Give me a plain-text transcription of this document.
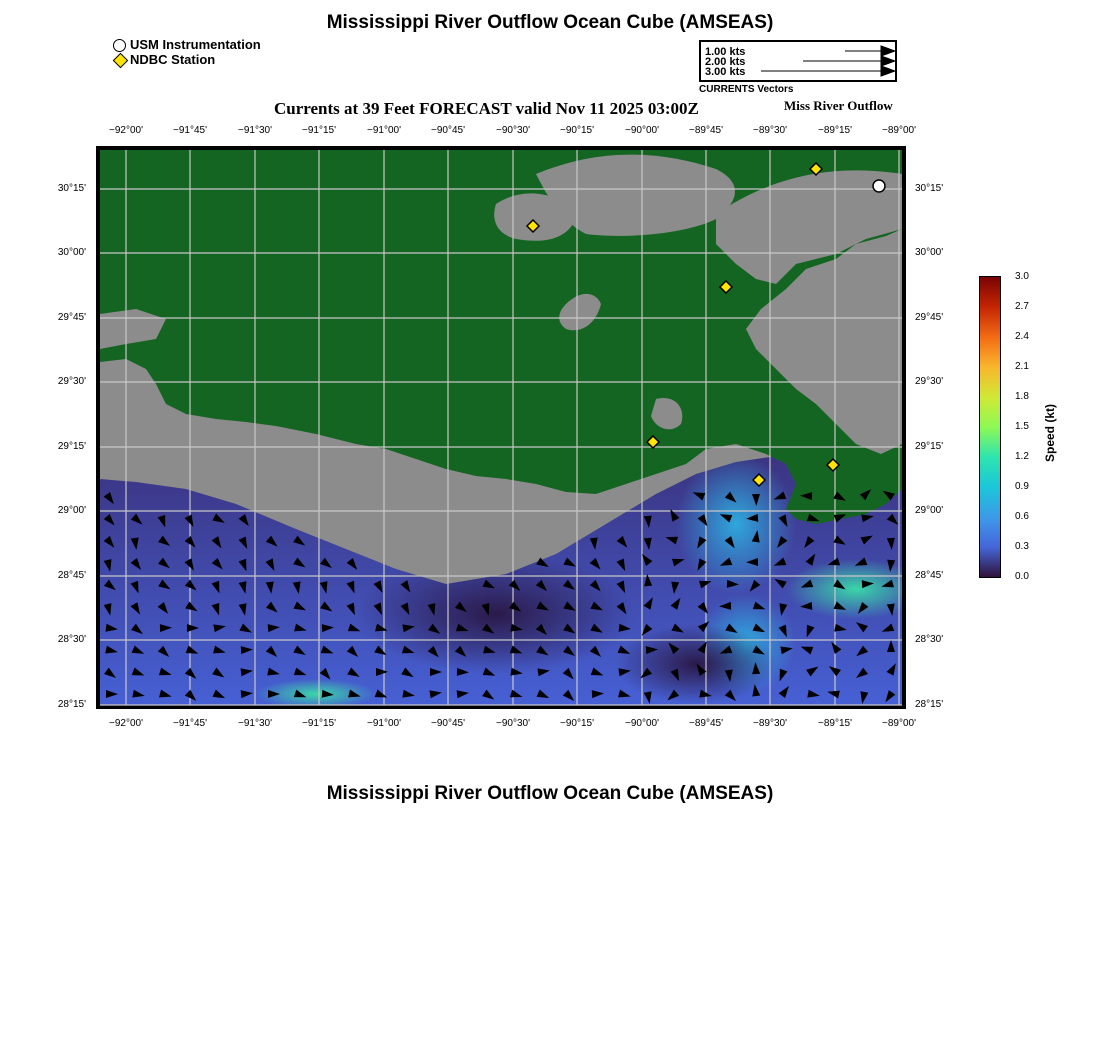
Mississippi River Outflow Ocean Cube (AMSEAS)
USM Instrumentation
NDBC Station	1.00 kts
2.00 kts
3.00 kts
CURRENTS Vectors
Currents at 39 Feet FORECAST valid Nov 11 2025 03:00Z	Miss River Outflow
−92°00'	−91°45'	−91°30'	−91°15'	−91°00'	−90°45'	−90°30'	−90°15'	−90°00'	−89°45'	−89°30'	−89°15'	−89°00'
−92°00'	−91°45'	−91°30'	−91°15'	−91°00'	−90°45'	−90°30'	−90°15'	−90°00'	−89°45'	−89°30'	−89°15'	−89°00'
30°15'
30°00'
29°45'
29°30'
29°15'
29°00'
28°45'
28°30'
28°15'
30°15'
30°00'
29°45'
29°30'
29°15'
29°00'
28°45'
28°30'
28°15'
3.0
2.7
2.4
2.1
1.8
1.5
1.2
0.9
0.6
0.3
0.0
Speed (kt)
Mississippi River Outflow Ocean Cube (AMSEAS)
